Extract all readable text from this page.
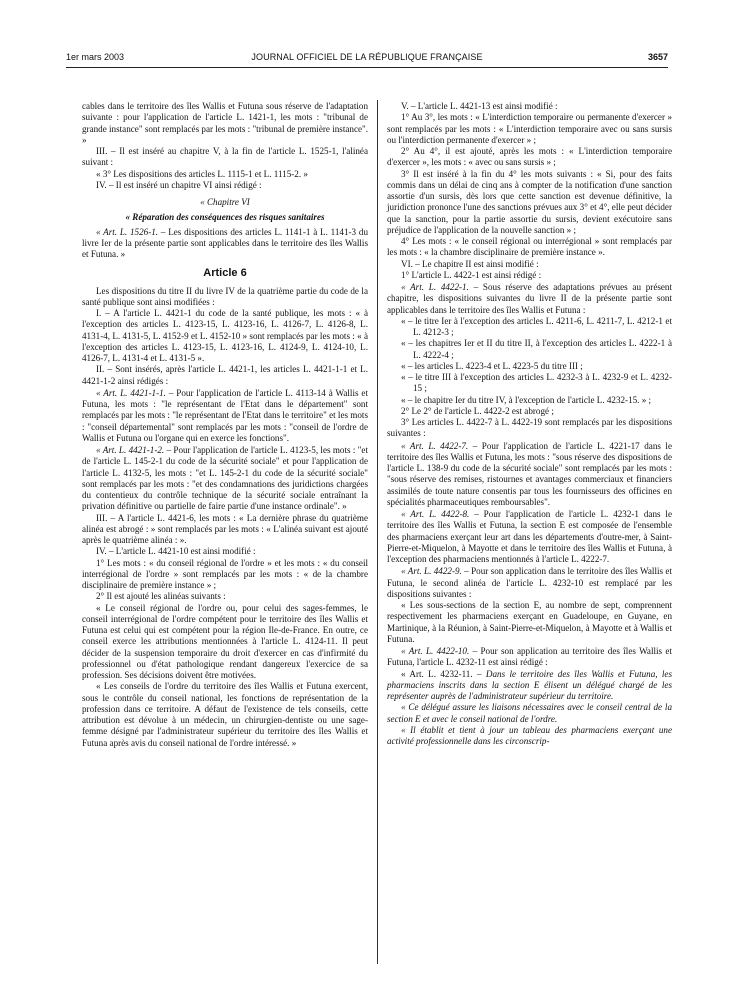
1er mars 2003	JOURNAL OFFICIEL DE LA RÉPUBLIQUE FRANÇAISE	3657

cables dans le territoire des îles Wallis et Futuna sous réserve de l'adaptation suivante : pour l'application de l'article L. 1421-1, les mots : "tribunal de grande instance" sont remplacés par les mots : "tribunal de première instance". »

III. – Il est inséré au chapitre V, à la fin de l'article L. 1525-1, l'alinéa suivant :

« 3° Les dispositions des articles L. 1115-1 et L. 1115-2. »

IV. – Il est inséré un chapitre VI ainsi rédigé :

« Chapitre VI

« Réparation des conséquences des risques sanitaires

« Art. L. 1526-1. – Les dispositions des articles L. 1141-1 à L. 1141-3 du livre Ier de la présente partie sont applicables dans le territoire des îles Wallis et Futuna. »

Article 6

Les dispositions du titre II du livre IV de la quatrième partie du code de la santé publique sont ainsi modifiées :

I. – A l'article L. 4421-1 du code de la santé publique, les mots : « à l'exception des articles L. 4123-15, L. 4123-16, L. 4126-7, L. 4126-8, L. 4131-4, L. 4131-5, L. 4152-9 et L. 4152-10 » sont remplacés par les mots : « à l'exception des articles L. 4123-15, L. 4123-16, L. 4124-9, L. 4124-10, L. 4126-7, L. 4131-4 et L. 4131-5 ».

II. – Sont insérés, après l'article L. 4421-1, les articles L. 4421-1-1 et L. 4421-1-2 ainsi rédigés :

« Art. L. 4421-1-1. – Pour l'application de l'article L. 4113-14 à Wallis et Futuna, les mots : "le représentant de l'Etat dans le département" sont remplacés par les mots : "le représentant de l'Etat dans le territoire" et les mots : "conseil départemental" sont remplacés par les mots : "conseil de l'ordre de Wallis et Futuna ou l'organe qui en exerce les fonctions".

« Art. L. 4421-1-2. – Pour l'application de l'article L. 4123-5, les mots : "et de l'article L. 145-2-1 du code de la sécurité sociale" et pour l'application de l'article L. 4132-5, les mots : "et L. 145-2-1 du code de la sécurité sociale" sont remplacés par les mots : "et des condamnations des juridictions chargées du contentieux du contrôle technique de la sécurité sociale entraînant la privation définitive ou partielle de faire partie d'une instance ordinale". »

III. – A l'article L. 4421-6, les mots : « La dernière phrase du quatrième alinéa est abrogé : » sont remplacés par les mots : « L'alinéa suivant est ajouté après le quatrième alinéa : ».

IV. – L'article L. 4421-10 est ainsi modifié :

1° Les mots : « du conseil régional de l'ordre » et les mots : « du conseil interrégional de l'ordre » sont remplacés par les mots : « de la chambre disciplinaire de première instance » ;

2° Il est ajouté les alinéas suivants :

« Le conseil régional de l'ordre ou, pour celui des sages-femmes, le conseil interrégional de l'ordre compétent pour le territoire des îles Wallis et Futuna est celui qui est compétent pour la région Ile-de-France. En outre, ce conseil exerce les attributions mentionnées à l'article L. 4124-11. Il peut décider de la suspension temporaire du droit d'exercer en cas d'infirmité du professionnel ou d'état pathologique rendant dangereux l'exercice de sa profession. Ses décisions doivent être motivées.

« Les conseils de l'ordre du territoire des îles Wallis et Futuna exercent, sous le contrôle du conseil national, les fonctions de représentation de la profession dans ce territoire. A défaut de l'existence de tels conseils, cette attribution est dévolue à un médecin, un chirurgien-dentiste ou une sage-femme désigné par l'administrateur supérieur du territoire des îles Wallis et Futuna après avis du conseil national de l'ordre intéressé. »

V. – L'article L. 4421-13 est ainsi modifié :

1° Au 3°, les mots : « L'interdiction temporaire ou permanente d'exercer » sont remplacés par les mots : « L'interdiction temporaire avec ou sans sursis ou l'interdiction permanente d'exercer » ;

2° Au 4°, il est ajouté, après les mots : « L'interdiction temporaire d'exercer », les mots : « avec ou sans sursis » ;

3° Il est inséré à la fin du 4° les mots suivants : « Si, pour des faits commis dans un délai de cinq ans à compter de la notification d'une sanction assortie d'un sursis, dès lors que cette sanction est devenue définitive, la juridiction prononce l'une des sanctions prévues aux 3° et 4°, elle peut décider que la sanction, pour la partie assortie du sursis, devient exécutoire sans préjudice de l'application de la nouvelle sanction » ;

4° Les mots : « le conseil régional ou interrégional » sont remplacés par les mots : « la chambre disciplinaire de première instance ».

VI. – Le chapitre II est ainsi modifié :

1° L'article L. 4422-1 est ainsi rédigé :

« Art. L. 4422-1. – Sous réserve des adaptations prévues au présent chapitre, les dispositions suivantes du livre II de la présente partie sont applicables dans le territoire des îles Wallis et Futuna :

« – le titre Ier à l'exception des articles L. 4211-6, L. 4211-7, L. 4212-1 et L. 4212-3 ;

« – les chapitres Ier et II du titre II, à l'exception des articles L. 4222-1 à L. 4222-4 ;

« – les articles L. 4223-4 et L. 4223-5 du titre III ;

« – le titre III à l'exception des articles L. 4232-3 à L. 4232-9 et L. 4232-15 ;

« – le chapitre Ier du titre IV, à l'exception de l'article L. 4232-15. » ;

2° Le 2° de l'article L. 4422-2 est abrogé ;

3° Les articles L. 4422-7 à L. 4422-19 sont remplacés par les dispositions suivantes :

« Art. L. 4422-7. – Pour l'application de l'article L. 4221-17 dans le territoire des îles Wallis et Futuna, les mots : "sous réserve des dispositions de l'article L. 138-9 du code de la sécurité sociale" sont remplacés par les mots : "sous réserve des remises, ristournes et avantages commerciaux et financiers assimilés de toute nature consentis par tous les fournisseurs des officines en spécialités pharmaceutiques remboursables".

« Art. L. 4422-8. – Pour l'application de l'article L. 4232-1 dans le territoire des îles Wallis et Futuna, la section E est composée de l'ensemble des pharmaciens exerçant leur art dans les départements d'outre-mer, à Saint-Pierre-et-Miquelon, à Mayotte et dans le territoire des îles Wallis et Futuna, à l'exception des pharmaciens mentionnés à l'article L. 4222-7.

« Art. L. 4422-9. – Pour son application dans le territoire des îles Wallis et Futuna, le second alinéa de l'article L. 4232-10 est remplacé par les dispositions suivantes :

« Les sous-sections de la section E, au nombre de sept, comprennent respectivement les pharmaciens exerçant en Guadeloupe, en Guyane, en Martinique, à la Réunion, à Saint-Pierre-et-Miquelon, à Mayotte et à Wallis et Futuna.

« Art. L. 4422-10. – Pour son application au territoire des îles Wallis et Futuna, l'article L. 4232-11 est ainsi rédigé :

« Art. L. 4232-11. – Dans le territoire des îles Wallis et Futuna, les pharmaciens inscrits dans la section E élisent un délégué chargé de les représenter auprès de l'administrateur supérieur du territoire.

« Ce délégué assure les liaisons nécessaires avec le conseil central de la section E et avec le conseil national de l'ordre.

« Il établit et tient à jour un tableau des pharmaciens exerçant une activité professionnelle dans les circonscrip-
